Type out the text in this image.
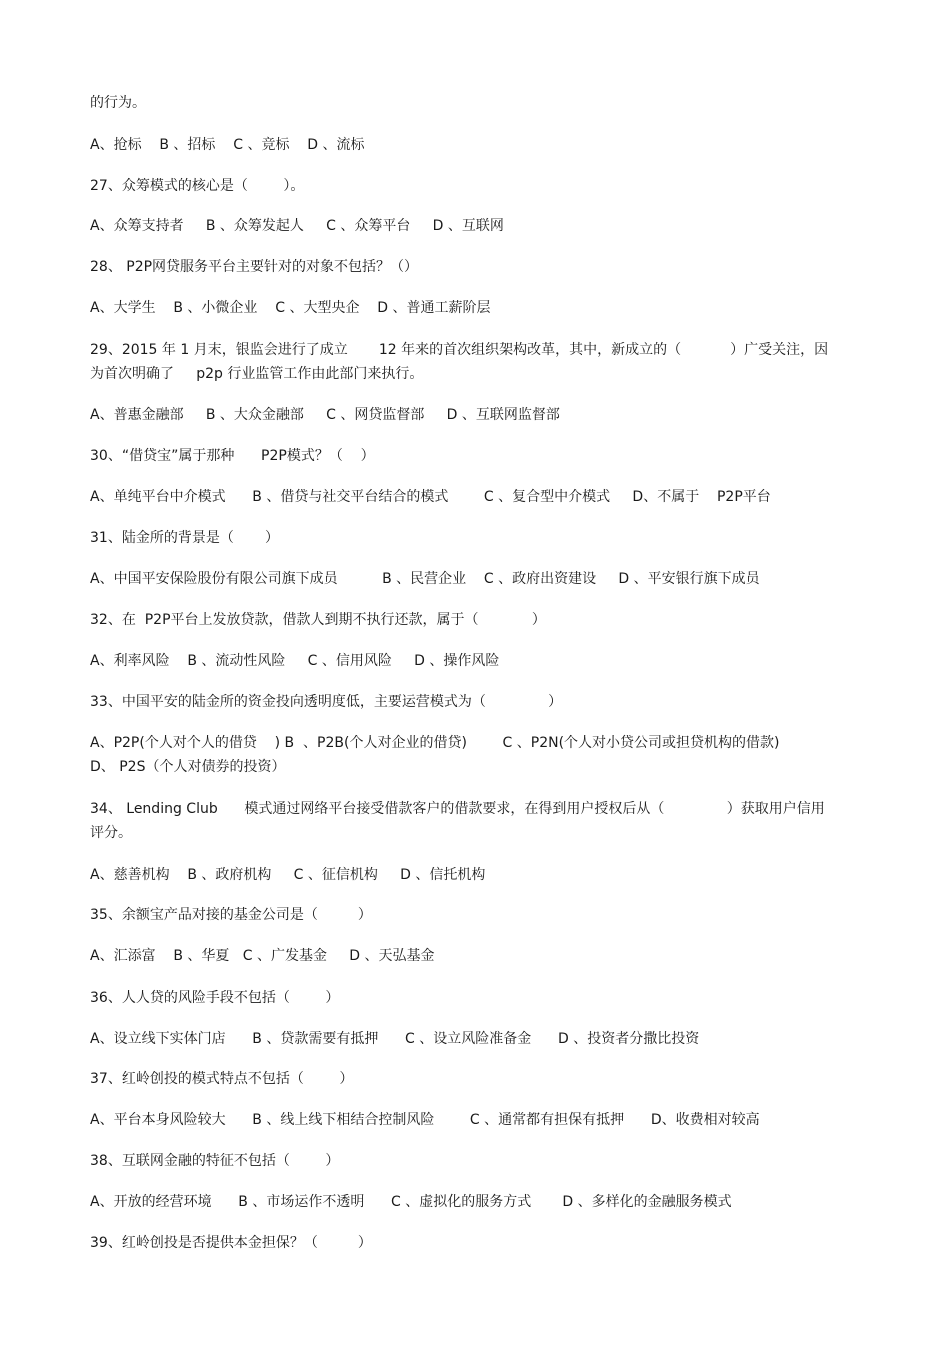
的行为。
A、抢标    B 、招标    C 、竞标    D 、流标
27、众筹模式的核心是（        ）。
A、众筹支持者     B 、众筹发起人     C 、众筹平台     D 、互联网
28、 P2P网贷服务平台主要针对的对象不包括？（）
A、大学生    B 、小微企业    C 、大型央企    D 、普通工薪阶层
29、2015 年 1 月末，银监会进行了成立       12 年来的首次组织架构改革，其中，新成立的（           ）广受关注，因
为首次明确了     p2p 行业监管工作由此部门来执行。
A、普惠金融部     B 、大众金融部     C 、网贷监督部     D 、互联网监督部
30、“借贷宝”属于那种      P2P模式？（    ）
A、单纯平台中介模式      B 、借贷与社交平台结合的模式        C 、复合型中介模式     D、不属于    P2P平台
31、陆金所的背景是（       ）
A、中国平安保险股份有限公司旗下成员          B 、民营企业    C 、政府出资建设     D 、平安银行旗下成员
32、在  P2P平台上发放贷款，借款人到期不执行还款，属于（            ）
A、利率风险    B 、流动性风险     C 、信用风险     D 、操作风险
33、中国平安的陆金所的资金投向透明度低，主要运营模式为（              ）
A、P2P(个人对个人的借贷    ) B  、P2B(个人对企业的借贷)        C 、P2N(个人对小贷公司或担贷机构的借款)
D、 P2S（个人对债券的投资）
34、 Lending Club      模式通过网络平台接受借款客户的借款要求，在得到用户授权后从（              ）获取用户信用
评分。
A、慈善机构    B 、政府机构     C 、征信机构     D 、信托机构
35、余额宝产品对接的基金公司是（         ）
A、汇添富    B 、华夏   C 、广发基金     D 、天弘基金
36、人人贷的风险手段不包括（        ）
A、设立线下实体门店      B 、贷款需要有抵押      C 、设立风险准备金      D 、投资者分撒比投资
37、红岭创投的模式特点不包括（        ）
A、平台本身风险较大      B 、线上线下相结合控制风险        C 、通常都有担保有抵押      D、收费相对较高
38、互联网金融的特征不包括（        ）
A、开放的经营环境      B 、市场运作不透明      C 、虚拟化的服务方式       D 、多样化的金融服务模式
39、红岭创投是否提供本金担保？（         ）
